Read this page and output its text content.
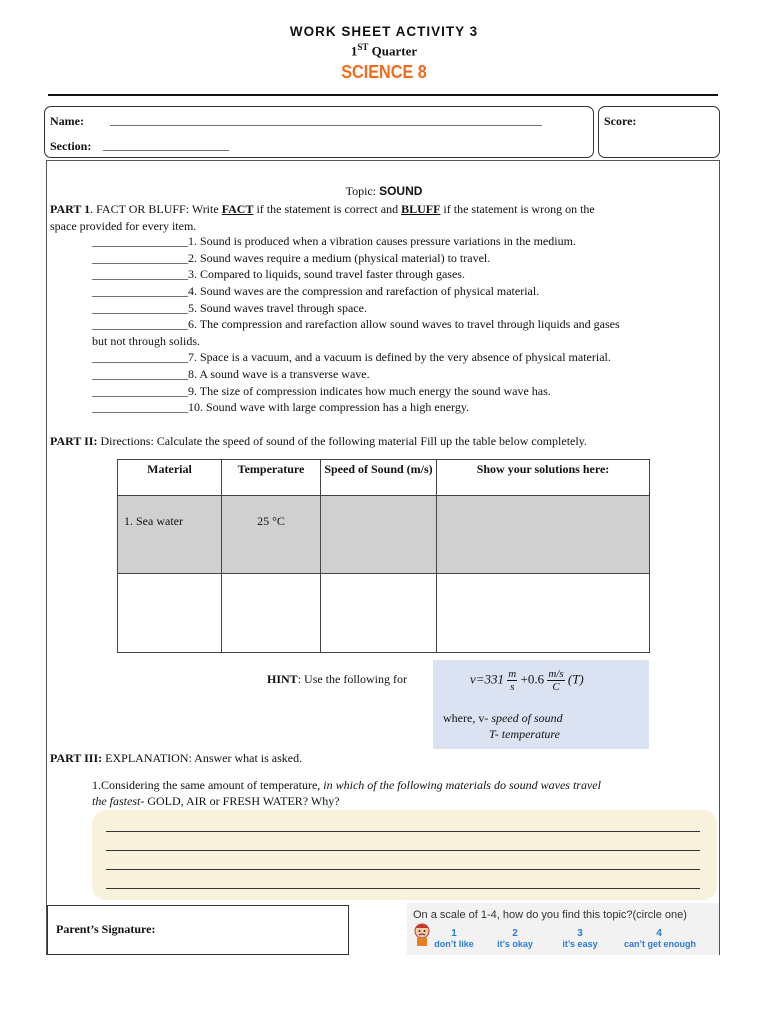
WORK SHEET ACTIVITY 3
1ST Quarter
SCIENCE 8
Name: ________________________________________________________________________
Section: _____________________
Score:
Topic: SOUND
PART 1. FACT OR BLUFF: Write FACT if the statement is correct and BLUFF if the statement is wrong on the
space provided for every item.
________________1. Sound is produced when a vibration causes pressure variations in the medium.
________________2. Sound waves require a medium (physical material) to travel.
________________3. Compared to liquids, sound travel faster through gases.
________________4. Sound waves are the compression and rarefaction of physical material.
________________5. Sound waves travel through space.
________________6. The compression and rarefaction allow sound waves to travel through liquids and gases
but not through solids.
________________7. Space is a vacuum, and a vacuum is defined by the very absence of physical material.
________________8. A sound wave is a transverse wave.
________________9. The size of compression indicates how much energy the sound wave has.
________________10. Sound wave with large compression has a high energy.
PART II: Directions: Calculate the speed of sound of the following material Fill up the table below completely.
Material	Temperature	Speed of Sound (m/s)	Show your solutions here:
1. Sea water	25 °C		

HINT: Use the following for	$v=331 \frac{m}{s} +0.6 \frac{m/s}{C} (T)$
where, v- speed of sound
T- temperature
PART III: EXPLANATION: Answer what is asked.
1.Considering the same amount of temperature, in which of the following materials do sound waves travel
the fastest- GOLD, AIR or FRESH WATER? Why?
Parent’s Signature:
On a scale of 1-4, how do you find this topic?(circle one)
1
don’t like
2
it’s okay
3
it’s easy
4
can’t get enough
